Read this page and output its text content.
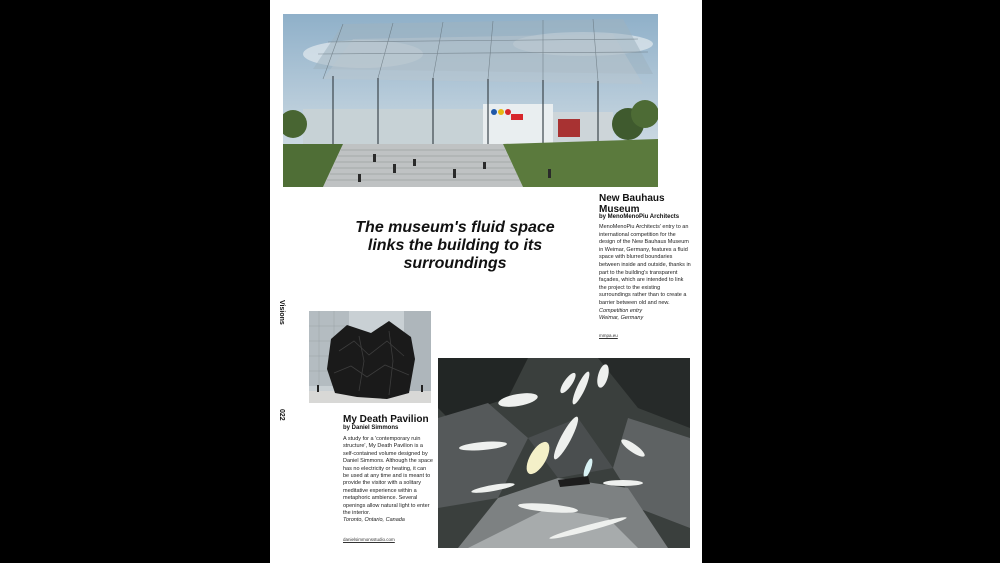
The museum's fluid space links the building to its surroundings
New Bauhaus Museum
by MenoMenoPiu Architects
MenoMenoPiu Architects' entry to an international competition for the design of the New Bauhaus Museum in Weimar, Germany, features a fluid space with blurred boundaries between inside and outside, thanks in part to the building's transparent façades, which are intended to link the project to the existing surroundings rather than to create a barrier between old and new.
Competition entry
Weimar, Germany
mmpa.eu
Visions
022	My Death Pavilion
by Daniel Simmons
A study for a 'contemporary ruin structure', My Death Pavilion is a self-contained volume designed by Daniel Simmons. Although the space has no electricity or heating, it can be used at any time and is meant to provide the visitor with a solitary meditative experience within a metaphoric ambience. Several openings allow natural light to enter the interior.
Toronto, Ontario, Canada
danielsimmonsstudio.com
